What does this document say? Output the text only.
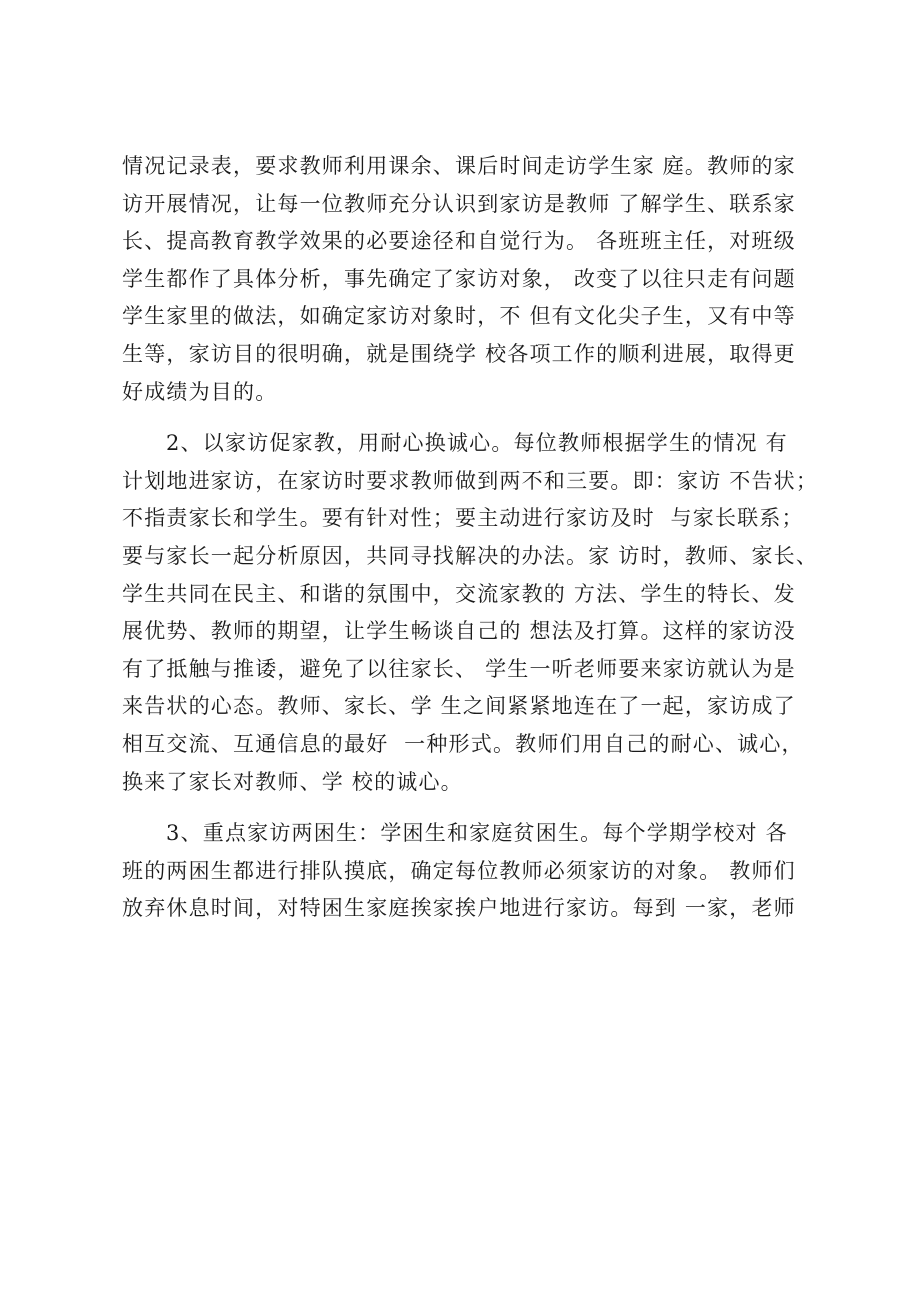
情况记录表，要求教师利用课余、课后时间走访学生家 庭。教师的家
访开展情况，让每一位教师充分认识到家访是教师 了解学生、联系家
长、提高教育教学效果的必要途径和自觉行为。 各班班主任，对班级
学生都作了具体分析，事先确定了家访对象， 改变了以往只走有问题
学生家里的做法，如确定家访对象时，不 但有文化尖子生，又有中等
生等，家访目的很明确，就是围绕学 校各项工作的顺利进展，取得更
好成绩为目的。
2、以家访促家教，用耐心换诚心。每位教师根据学生的情况 有
计划地进家访，在家访时要求教师做到两不和三要。即：家访 不告状；
不指责家长和学生。要有针对性；要主动进行家访及时  与家长联系；
要与家长一起分析原因，共同寻找解决的办法。家 访时，教师、家长、
学生共同在民主、和谐的氛围中，交流家教的 方法、学生的特长、发
展优势、教师的期望，让学生畅谈自己的 想法及打算。这样的家访没
有了抵触与推诿，避免了以往家长、 学生一听老师要来家访就认为是
来告状的心态。教师、家长、学 生之间紧紧地连在了一起，家访成了
相互交流、互通信息的最好  一种形式。教师们用自己的耐心、诚心，
换来了家长对教师、学 校的诚心。
3、重点家访两困生：学困生和家庭贫困生。每个学期学校对 各
班的两困生都进行排队摸底，确定每位教师必须家访的对象。 教师们
放弃休息时间，对特困生家庭挨家挨户地进行家访。每到 一家，老师
